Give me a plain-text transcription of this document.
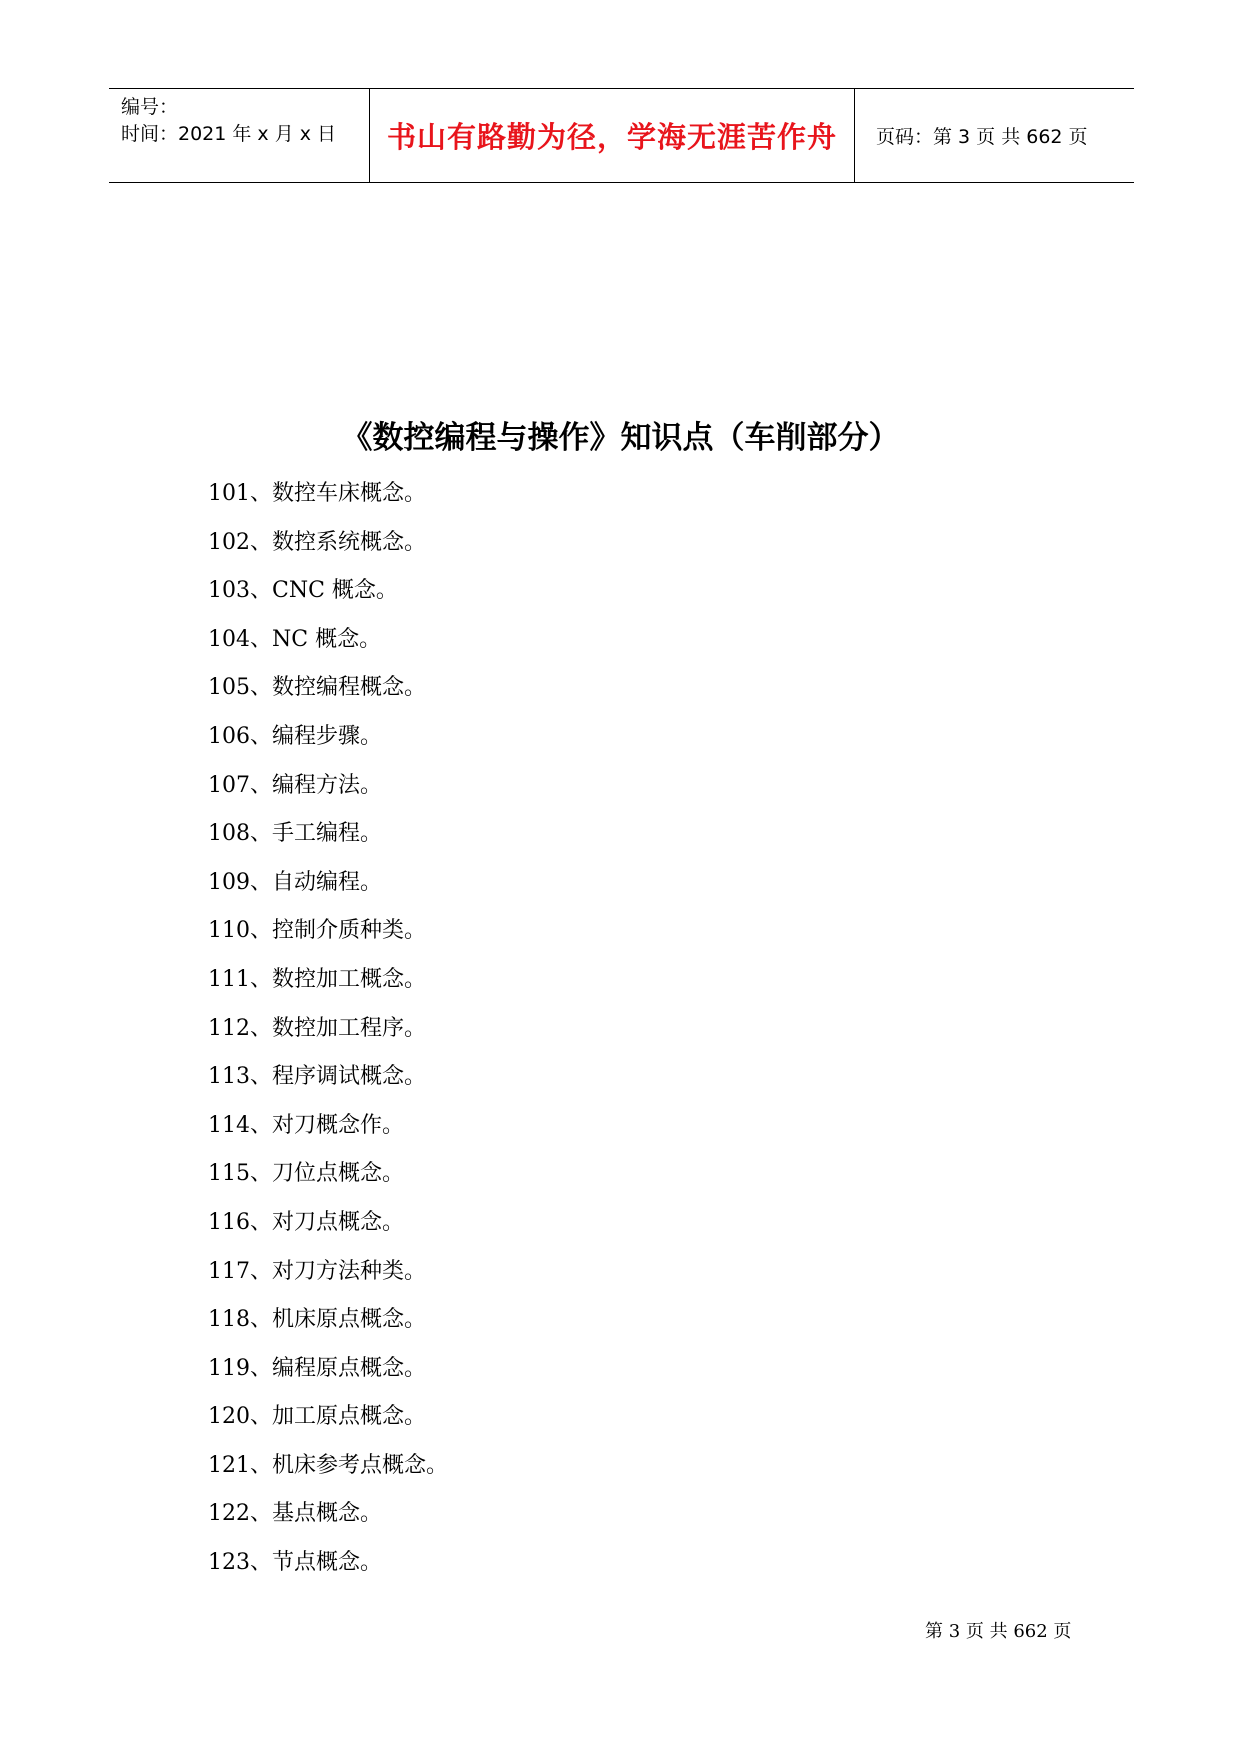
编号：
时间：2021 年 x 月 x 日 书山有路勤为径，学海无涯苦作舟 页码：第 3 页 共 662 页
《数控编程与操作》知识点（车削部分）
101、数控车床概念。
102、数控系统概念。
103、CNC 概念。
104、NC 概念。
105、数控编程概念。
106、编程步骤。
107、编程方法。
108、手工编程。
109、自动编程。
110、控制介质种类。
111、数控加工概念。
112、数控加工程序。
113、程序调试概念。
114、对刀概念作。
115、刀位点概念。
116、对刀点概念。
117、对刀方法种类。
118、机床原点概念。
119、编程原点概念。
120、加工原点概念。
121、机床参考点概念。
122、基点概念。
123、节点概念。
第 3 页 共 662 页
